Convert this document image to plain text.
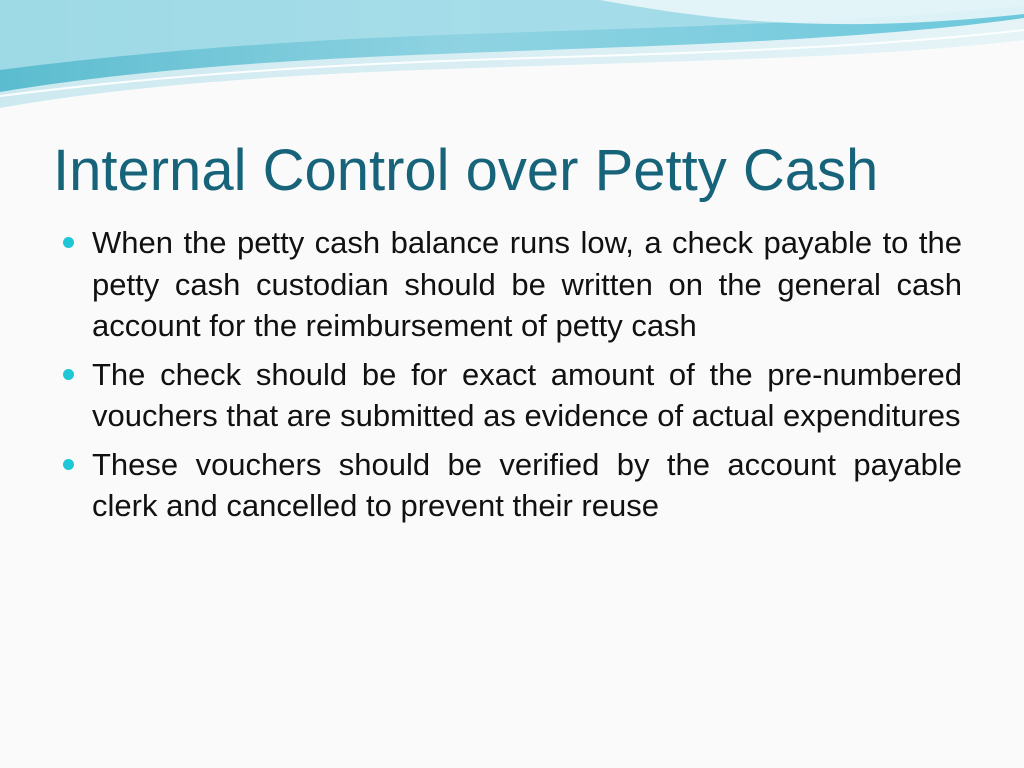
Internal Control over Petty Cash
When the petty cash balance runs low, a check payable to the petty cash custodian should be written on the general cash account for the reimbursement of petty cash
The check should be for exact amount of the pre-numbered vouchers that are submitted as evidence of actual expenditures
These vouchers should be verified by the account payable clerk and cancelled to prevent their reuse
